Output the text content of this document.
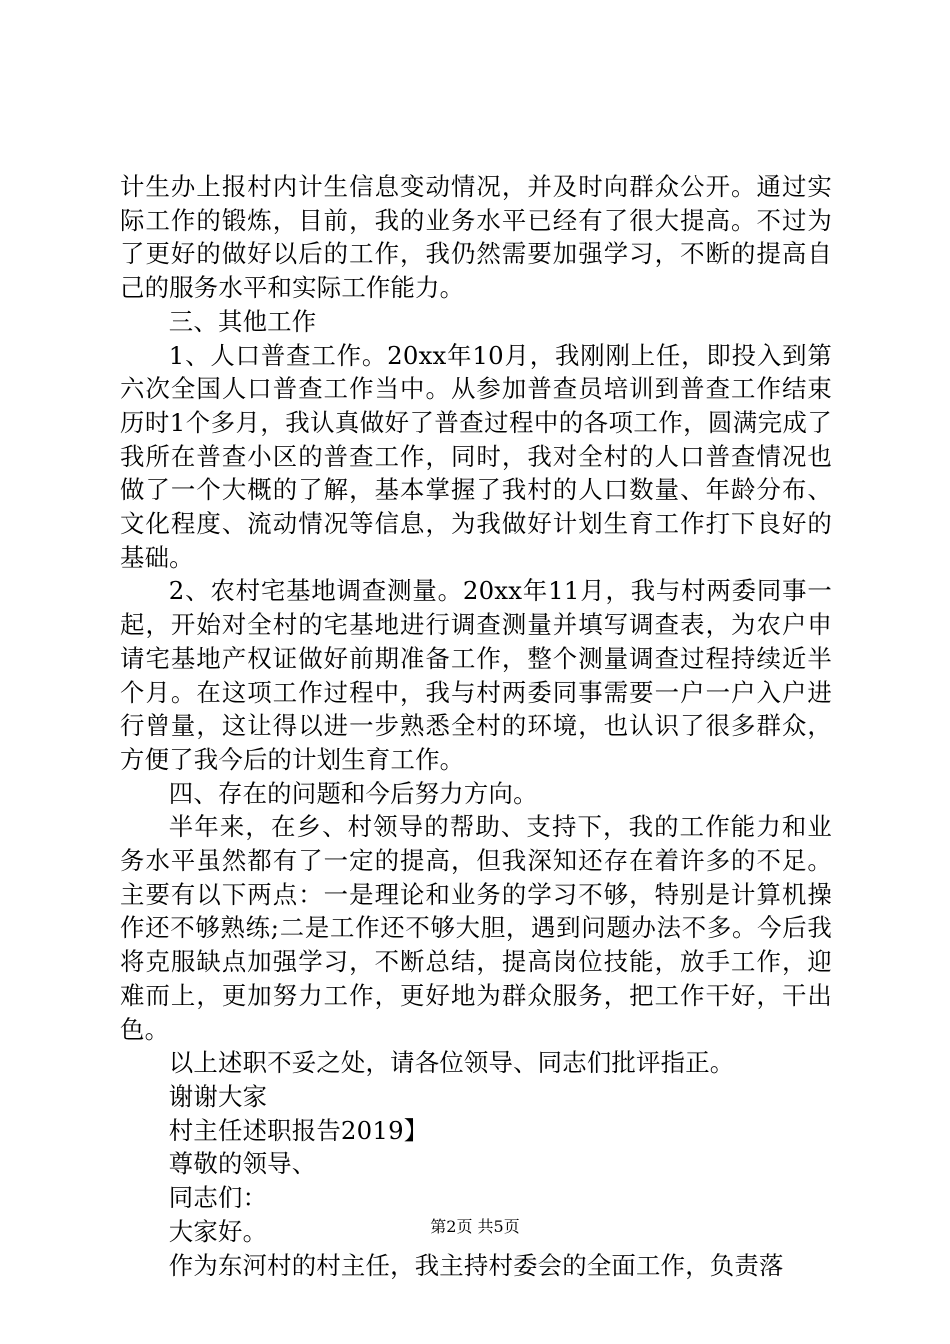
计生办上报村内计生信息变动情况，并及时向群众公开。通过实际工作的锻炼，目前，我的业务水平已经有了很大提高。不过为了更好的做好以后的工作，我仍然需要加强学习，不断的提高自己的服务水平和实际工作能力。

三、其他工作

1、人口普查工作。20xx年10月，我刚刚上任，即投入到第六次全国人口普查工作当中。从参加普查员培训到普查工作结束历时1个多月，我认真做好了普查过程中的各项工作，圆满完成了我所在普查小区的普查工作，同时，我对全村的人口普查情况也做了一个大概的了解，基本掌握了我村的人口数量、年龄分布、文化程度、流动情况等信息，为我做好计划生育工作打下良好的基础。

2、农村宅基地调查测量。20xx年11月，我与村两委同事一起，开始对全村的宅基地进行调查测量并填写调查表，为农户申请宅基地产权证做好前期准备工作，整个测量调查过程持续近半个月。在这项工作过程中，我与村两委同事需要一户一户入户进行曾量，这让得以进一步熟悉全村的环境，也认识了很多群众，方便了我今后的计划生育工作。

四、存在的问题和今后努力方向。

半年来，在乡、村领导的帮助、支持下，我的工作能力和业务水平虽然都有了一定的提高，但我深知还存在着许多的不足。主要有以下两点：一是理论和业务的学习不够，特别是计算机操作还不够熟练;二是工作还不够大胆，遇到问题办法不多。今后我将克服缺点加强学习，不断总结，提高岗位技能，放手工作，迎难而上，更加努力工作，更好地为群众服务，把工作干好，干出色。

以上述职不妥之处，请各位领导、同志们批评指正。

谢谢大家

村主任述职报告2019】

尊敬的领导、

同志们：

大家好。

作为东河村的村主任，我主持村委会的全面工作，负责落

第2页 共5页
